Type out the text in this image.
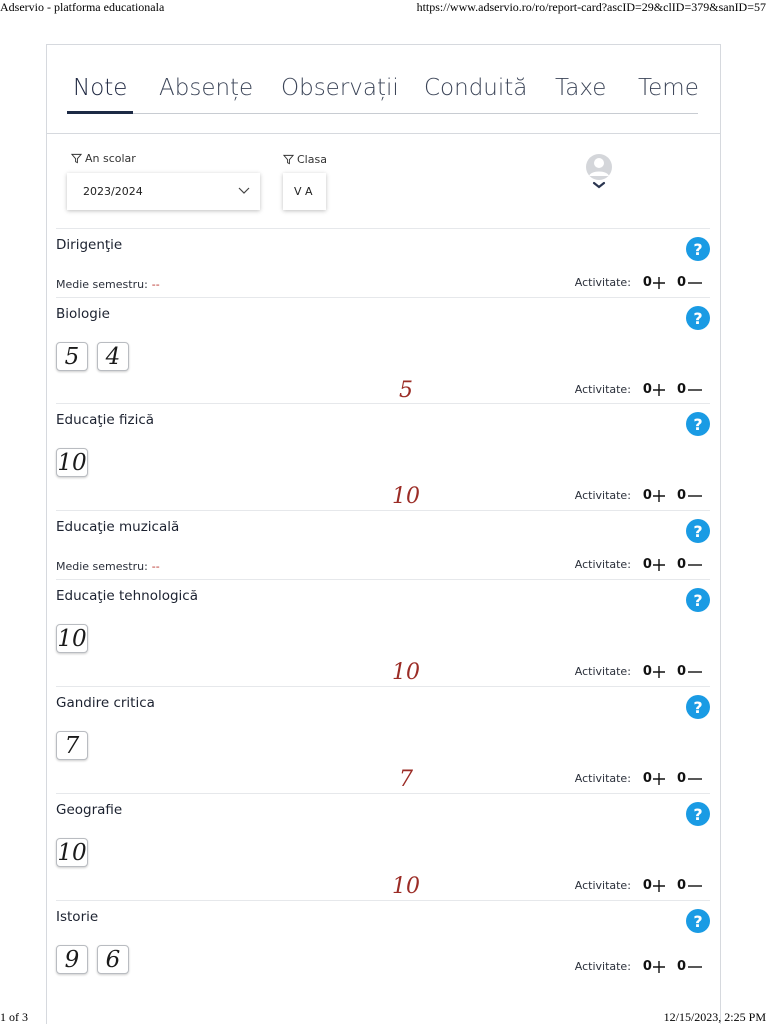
Adservio - platforma educationala	https://www.adservio.ro/ro/report-card?ascID=29&clID=379&sanID=57
Note Absențe Observații Conduită Taxe Teme
An scolar
2023/2024
Clasa
V A
Dirigenţie	?
Medie semestru: --	Activitate: 0 0
Biologie	?
5	4
5	Activitate: 0 0
Educaţie fizică	?
10
10	Activitate: 0 0
Educaţie muzicală	?
Medie semestru: --	Activitate: 0 0
Educaţie tehnologică	?
10
10	Activitate: 0 0
Gandire critica	?
7
7	Activitate: 0 0
Geografie	?
10
10	Activitate: 0 0
Istorie	?
9	6	Activitate: 0 0
1 of 3	12/15/2023, 2:25 PM
